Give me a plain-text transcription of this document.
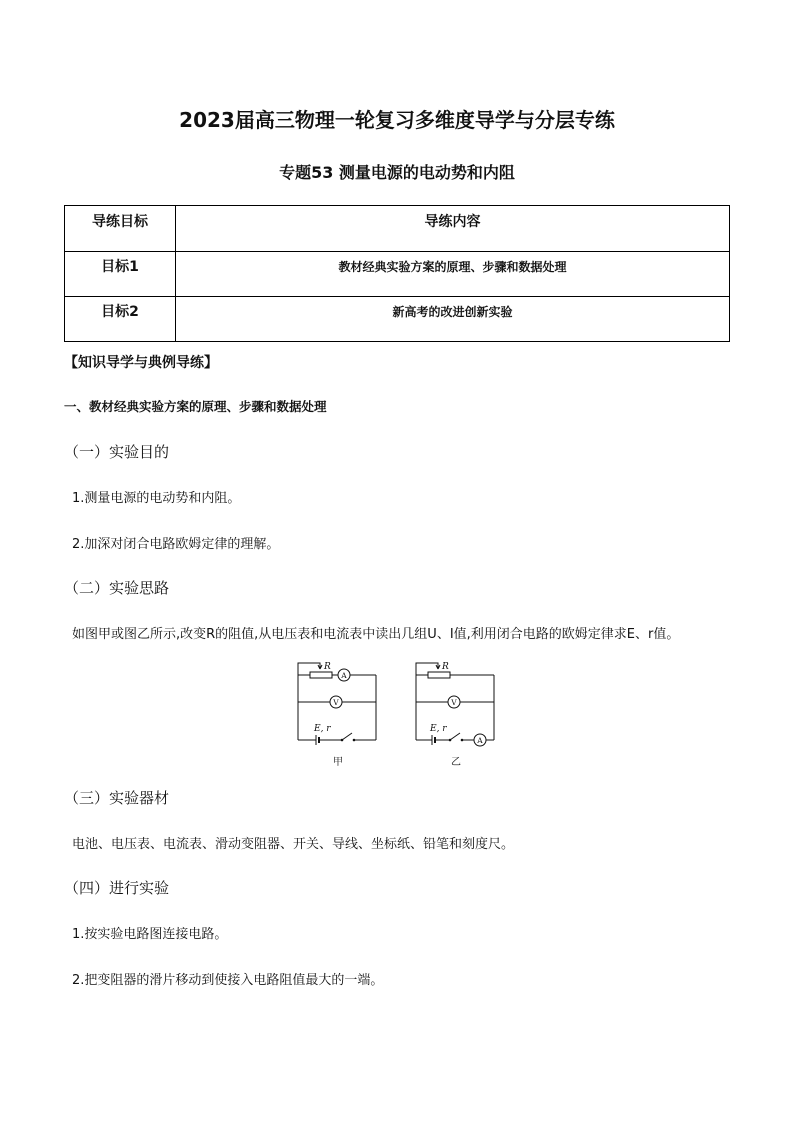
2023届高三物理一轮复习多维度导学与分层专练
专题53 测量电源的电动势和内阻
导练目标	导练内容

目标1	教材经典实验方案的原理、步骤和数据处理

目标2	新高考的改进创新实验
【知识导学与典例导练】
一、教材经典实验方案的原理、步骤和数据处理
（一）实验目的
1.测量电源的电动势和内阻。
2.加深对闭合电路欧姆定律的理解。
（二）实验思路
如图甲或图乙所示,改变R的阻值,从电压表和电流表中读出几组U、I值,利用闭合电路的欧姆定律求E、r值。
R
A
V
E, r
甲
R
V
A
E, r
乙
（三）实验器材
电池、电压表、电流表、滑动变阻器、开关、导线、坐标纸、铅笔和刻度尺。
（四）进行实验
1.按实验电路图连接电路。
2.把变阻器的滑片移动到使接入电路阻值最大的一端。
